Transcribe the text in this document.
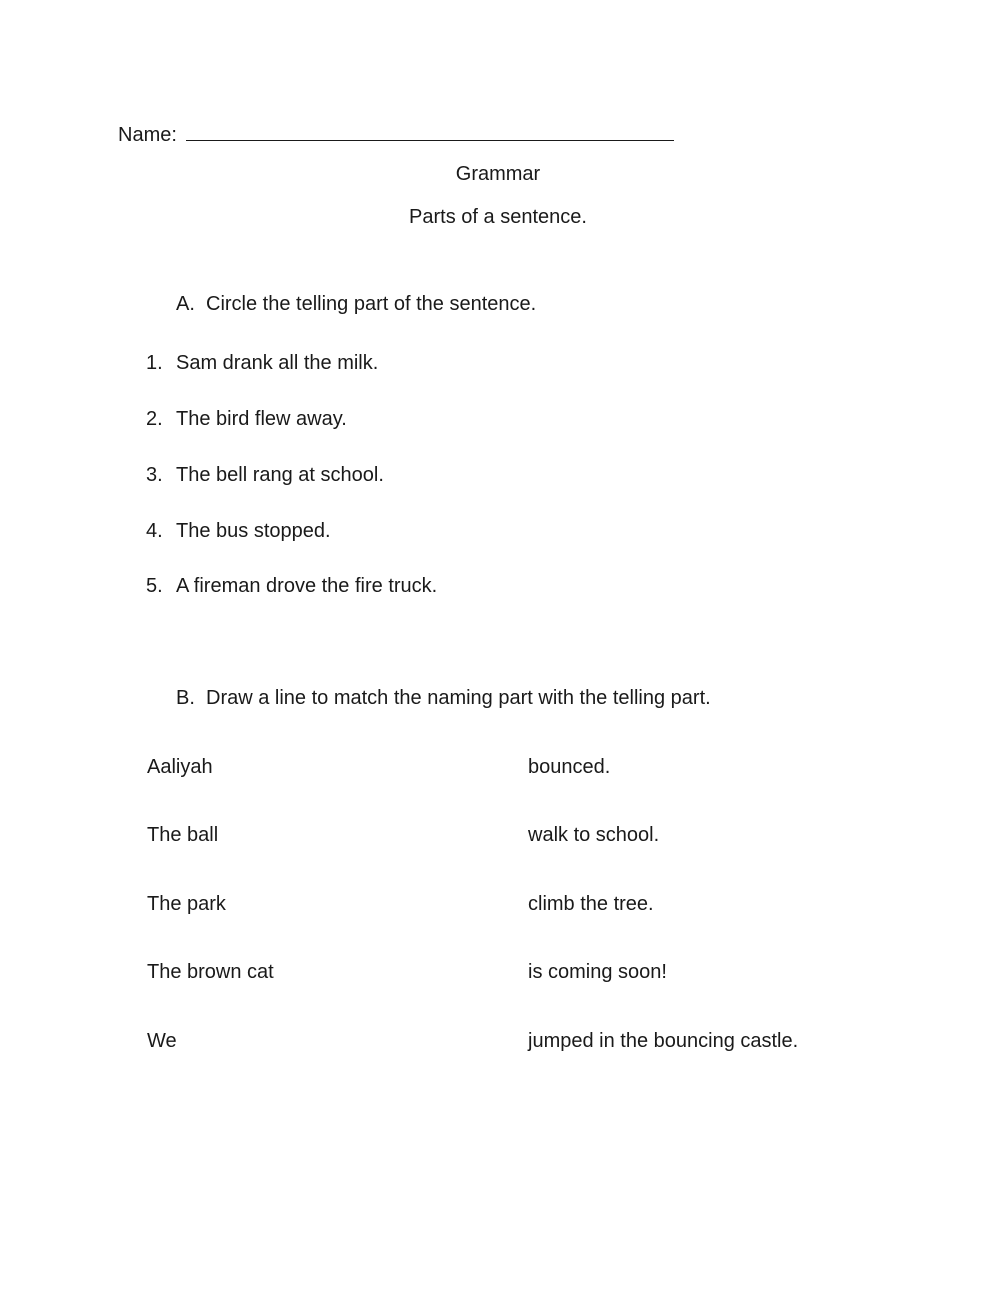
Name:
Grammar
Parts of a sentence.
A. Circle the telling part of the sentence.
1. Sam drank all the milk.
2. The bird flew away.
3. The bell rang at school.
4. The bus stopped.
5. A fireman drove the fire truck.
B. Draw a line to match the naming part with the telling part.
Aaliyah	bounced.
The ball	walk to school.
The park	climb the tree.
The brown cat	is coming soon!
We	jumped in the bouncing castle.
